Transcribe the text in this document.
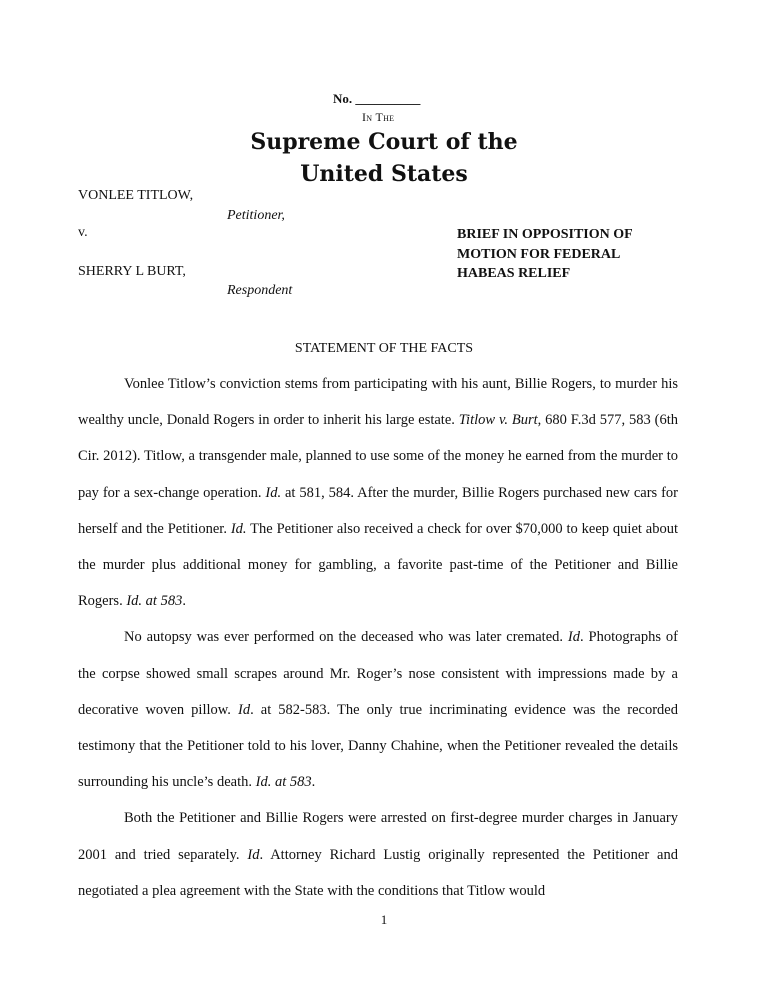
No. __________
In The
Supreme Court of the
United States
VONLEE TITLOW,
Petitioner,
v.
SHERRY L BURT,
Respondent
BRIEF IN OPPOSITION OF
MOTION FOR FEDERAL
HABEAS RELIEF
STATEMENT OF THE FACTS

Vonlee Titlow’s conviction stems from participating with his aunt, Billie Rogers, to murder his wealthy uncle, Donald Rogers in order to inherit his large estate. Titlow v. Burt, 680 F.3d 577, 583 (6th Cir. 2012). Titlow, a transgender male, planned to use some of the money he earned from the murder to pay for a sex-change operation. Id. at 581, 584. After the murder, Billie Rogers purchased new cars for herself and the Petitioner. Id. The Petitioner also received a check for over $70,000 to keep quiet about the murder plus additional money for gambling, a favorite past-time of the Petitioner and Billie Rogers. Id. at 583.

No autopsy was ever performed on the deceased who was later cremated. Id. Photographs of the corpse showed small scrapes around Mr. Roger’s nose consistent with impressions made by a decorative woven pillow. Id. at 582-583. The only true incriminating evidence was the recorded testimony that the Petitioner told to his lover, Danny Chahine, when the Petitioner revealed the details surrounding his uncle’s death. Id. at 583.

Both the Petitioner and Billie Rogers were arrested on first-degree murder charges in January 2001 and tried separately. Id. Attorney Richard Lustig originally represented the Petitioner and negotiated a plea agreement with the State with the conditions that Titlow would

1
